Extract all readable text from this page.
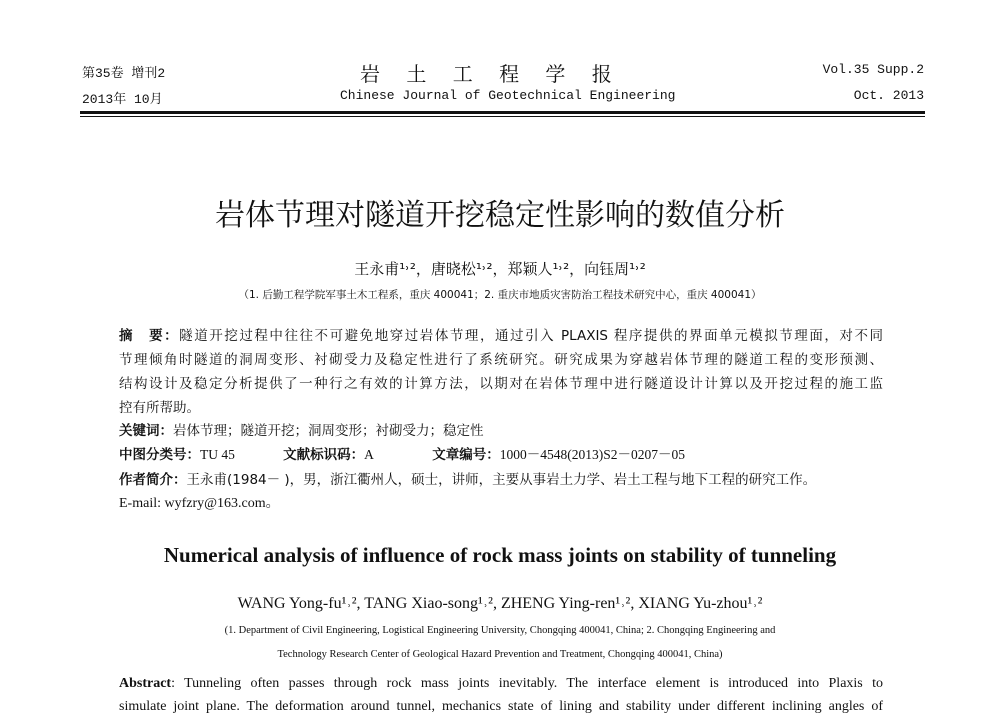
第35卷 增刊2
2013年 10月
岩 土 工 程 学 报
Chinese Journal of Geotechnical Engineering
Vol.35 Supp.2
Oct. 2013
岩体节理对隧道开挖稳定性影响的数值分析
王永甫¹˒²，唐晓松¹˒²，郑颖人¹˒²，向钰周¹˒²
（1. 后勤工程学院军事土木工程系，重庆 400041；2. 重庆市地质灾害防治工程技术研究中心，重庆 400041）
摘　要：隧道开挖过程中往往不可避免地穿过岩体节理，通过引入 PLAXIS 程序提供的界面单元模拟节理面，对不同
节理倾角时隧道的洞周变形、衬砌受力及稳定性进行了系统研究。研究成果为穿越岩体节理的隧道工程的变形预测、
结构设计及稳定分析提供了一种行之有效的计算方法，以期对在岩体节理中进行隧道设计计算以及开挖过程的施工监
控有所帮助。
关键词：岩体节理；隧道开挖；洞周变形；衬砌受力；稳定性
中图分类号：TU 45	文献标识码：A	文章编号：1000－4548(2013)S2－0207－05
作者简介：王永甫(1984－ )，男，浙江衢州人，硕士，讲师，主要从事岩土力学、岩土工程与地下工程的研究工作。
E-mail: wyfzry@163.com。
Numerical analysis of influence of rock mass joints on stability of tunneling
WANG Yong-fu¹˒², TANG Xiao-song¹˒², ZHENG Ying-ren¹˒², XIANG Yu-zhou¹˒²
(1. Department of Civil Engineering, Logistical Engineering University, Chongqing 400041, China; 2. Chongqing Engineering and
Technology Research Center of Geological Hazard Prevention and Treatment, Chongqing 400041, China)
Abstract: Tunneling often passes through rock mass joints inevitably. The interface element is introduced into Plaxis to
simulate joint plane. The deformation around tunnel, mechanics state of lining and stability under different inclining angles of
